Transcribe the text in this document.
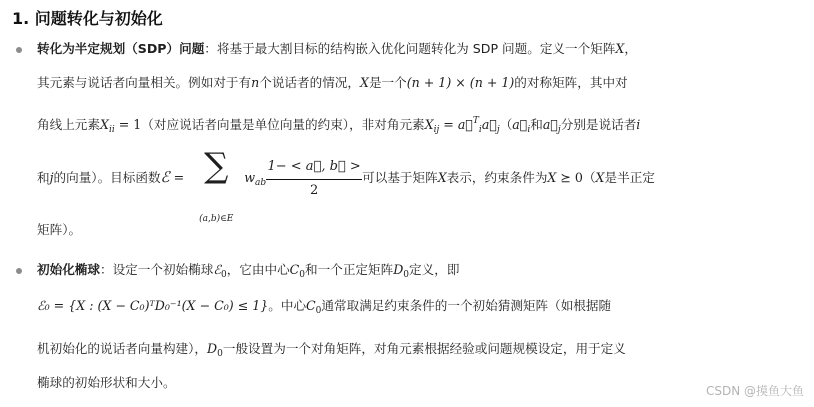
1. 问题转化与初始化
转化为半定规划（SDP）问题：将基于最大割目标的结构嵌入优化问题转化为 SDP 问题。定义一个矩阵X，
其元素与说话者向量相关。例如对于有n个说话者的情况，X是一个(n + 1) × (n + 1)的对称矩阵，其中对
角线上元素$X_{ii} = 1$（对应说话者向量是单位向量的约束），非对角元素$X_{ij}$ = $a⃗^T_ia⃗_j(a⃗_i$和$a⃗_j$分别是说话者i
和j的向量）。目标函数ℰ = ∑
(a,b)∈E
$w_{ab} \frac{1- < a⃗, b⃗ >}{2}$ 可以基于矩阵X表示，约束条件为X ⪰ 0（X是半正定
矩阵）。
初始化椭球：设定一个初始椭球ℰ$_0$，它由中心$C_0$和一个正定矩阵$D_0$定义，即
ℰ₀ = {X : (X − C₀)ᵀD₀⁻¹(X − C₀) ≤ 1}。中心$C_0$通常取满足约束条件的一个初始猜测矩阵（如根据随
机初始化的说话者向量构建），$D_0$一般设置为一个对角矩阵，对角元素根据经验或问题规模设定，用于定义
椭球的初始形状和大小。
CSDN @摸鱼大鱼
